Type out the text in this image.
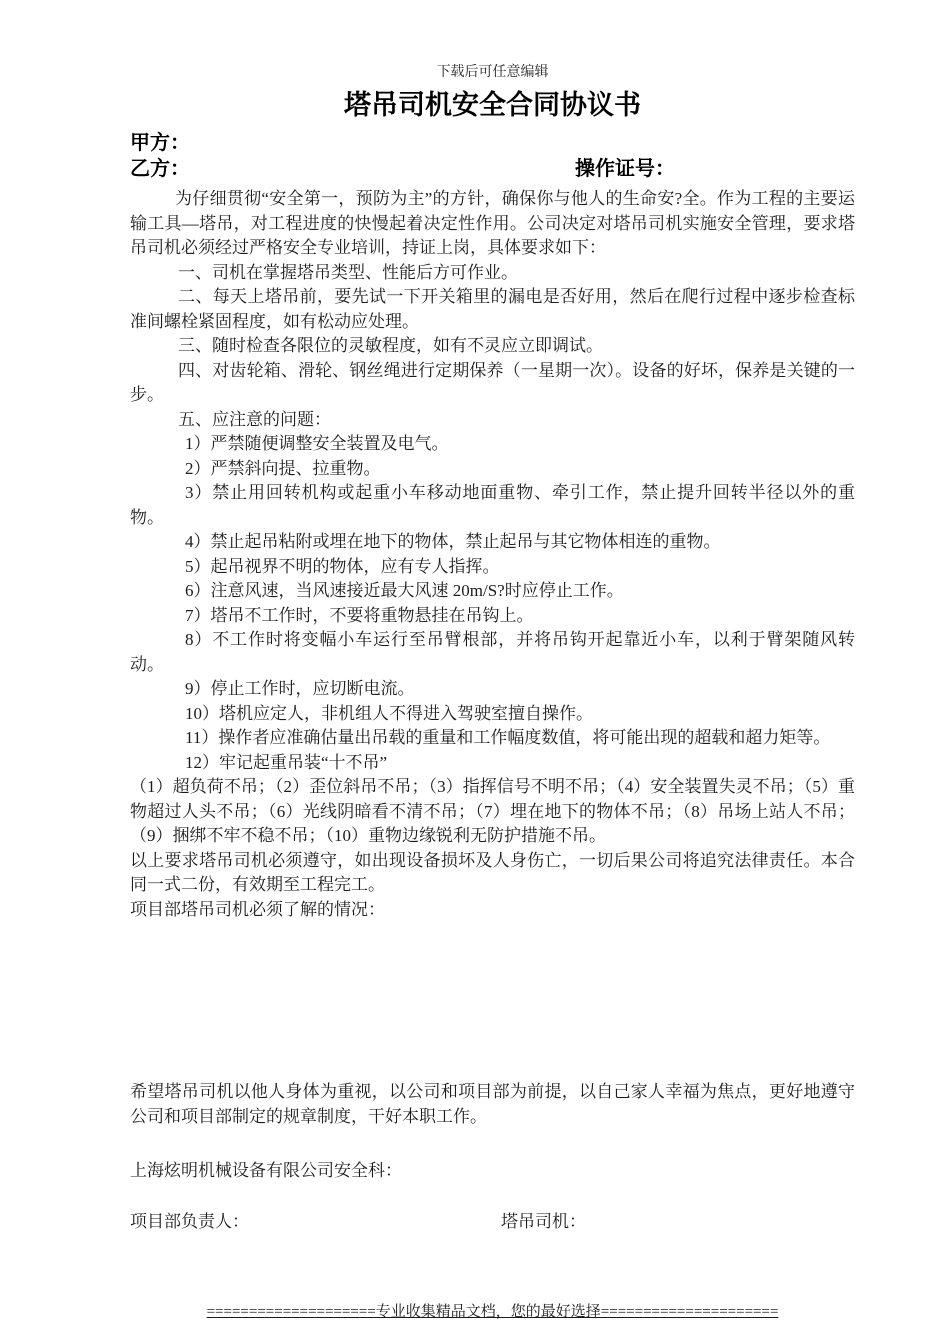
下载后可任意编辑
塔吊司机安全合同协议书
甲方：
乙方：	操作证号：

为仔细贯彻“安全第一，预防为主”的方针，确保你与他人的生命安?全。作为工程的主要运输工具—塔吊，对工程进度的快慢起着决定性作用。公司决定对塔吊司机实施安全管理，要求塔吊司机必须经过严格安全专业培训，持证上岗，具体要求如下：

一、司机在掌握塔吊类型、性能后方可作业。

二、每天上塔吊前，要先试一下开关箱里的漏电是否好用，然后在爬行过程中逐步检查标准间螺栓紧固程度，如有松动应处理。

三、随时检查各限位的灵敏程度，如有不灵应立即调试。

四、对齿轮箱、滑轮、钢丝绳进行定期保养（一星期一次）。设备的好坏，保养是关键的一步。

五、应注意的问题：

1）严禁随便调整安全装置及电气。

2）严禁斜向提、拉重物。

3）禁止用回转机构或起重小车移动地面重物、牵引工作，禁止提升回转半径以外的重物。

4）禁止起吊粘附或埋在地下的物体，禁止起吊与其它物体相连的重物。

5）起吊视界不明的物体，应有专人指挥。

6）注意风速，当风速接近最大风速 20m/S?时应停止工作。

7）塔吊不工作时，不要将重物悬挂在吊钩上。

8）不工作时将变幅小车运行至吊臂根部，并将吊钩开起靠近小车，以利于臂架随风转动。

9）停止工作时，应切断电流。

10）塔机应定人，非机组人不得进入驾驶室擅自操作。

11）操作者应准确估量出吊载的重量和工作幅度数值，将可能出现的超载和超力矩等。

12）牢记起重吊装“十不吊”

（1）超负荷不吊；（2）歪位斜吊不吊；（3）指挥信号不明不吊；（4）安全装置失灵不吊；（5）重物超过人头不吊；（6）光线阴暗看不清不吊；（7）埋在地下的物体不吊；（8）吊场上站人不吊；（9）捆绑不牢不稳不吊；（10）重物边缘锐利无防护措施不吊。

以上要求塔吊司机必须遵守，如出现设备损坏及人身伤亡，一切后果公司将追究法律责任。本合同一式二份，有效期至工程完工。

项目部塔吊司机必须了解的情况：

希望塔吊司机以他人身体为重视，以公司和项目部为前提，以自己家人幸福为焦点，更好地遵守公司和项目部制定的规章制度，干好本职工作。

上海炫明机械设备有限公司安全科：

项目部负责人：	塔吊司机：
====================专业收集精品文档，您的最好选择=====================
